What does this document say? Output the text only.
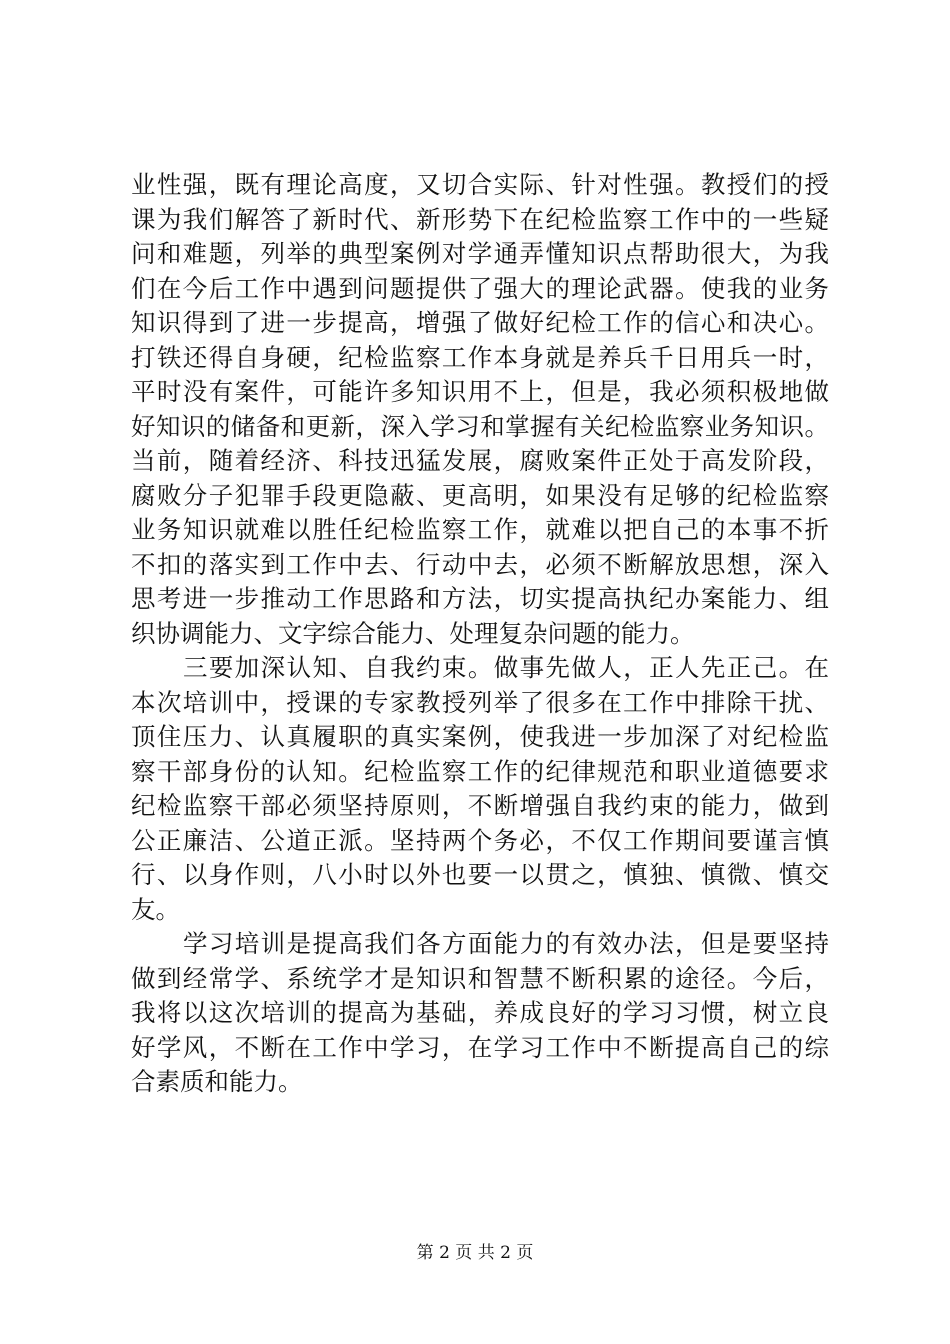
业性强，既有理论高度，又切合实际、针对性强。教授们的授
课为我们解答了新时代、新形势下在纪检监察工作中的一些疑
问和难题，列举的典型案例对学通弄懂知识点帮助很大，为我
们在今后工作中遇到问题提供了强大的理论武器。使我的业务
知识得到了进一步提高，增强了做好纪检工作的信心和决心。
打铁还得自身硬，纪检监察工作本身就是养兵千日用兵一时，
平时没有案件，可能许多知识用不上，但是，我必须积极地做
好知识的储备和更新，深入学习和掌握有关纪检监察业务知识。
当前，随着经济、科技迅猛发展，腐败案件正处于高发阶段，
腐败分子犯罪手段更隐蔽、更高明，如果没有足够的纪检监察
业务知识就难以胜任纪检监察工作，就难以把自己的本事不折
不扣的落实到工作中去、行动中去，必须不断解放思想，深入
思考进一步推动工作思路和方法，切实提高执纪办案能力、组
织协调能力、文字综合能力、处理复杂问题的能力。
三要加深认知、自我约束。做事先做人，正人先正己。在
本次培训中，授课的专家教授列举了很多在工作中排除干扰、
顶住压力、认真履职的真实案例，使我进一步加深了对纪检监
察干部身份的认知。纪检监察工作的纪律规范和职业道德要求
纪检监察干部必须坚持原则，不断增强自我约束的能力，做到
公正廉洁、公道正派。坚持两个务必，不仅工作期间要谨言慎
行、以身作则，八小时以外也要一以贯之，慎独、慎微、慎交
友。
学习培训是提高我们各方面能力的有效办法，但是要坚持
做到经常学、系统学才是知识和智慧不断积累的途径。今后，
我将以这次培训的提高为基础，养成良好的学习习惯，树立良
好学风，不断在工作中学习，在学习工作中不断提高自己的综
合素质和能力。
第 2 页 共 2 页
